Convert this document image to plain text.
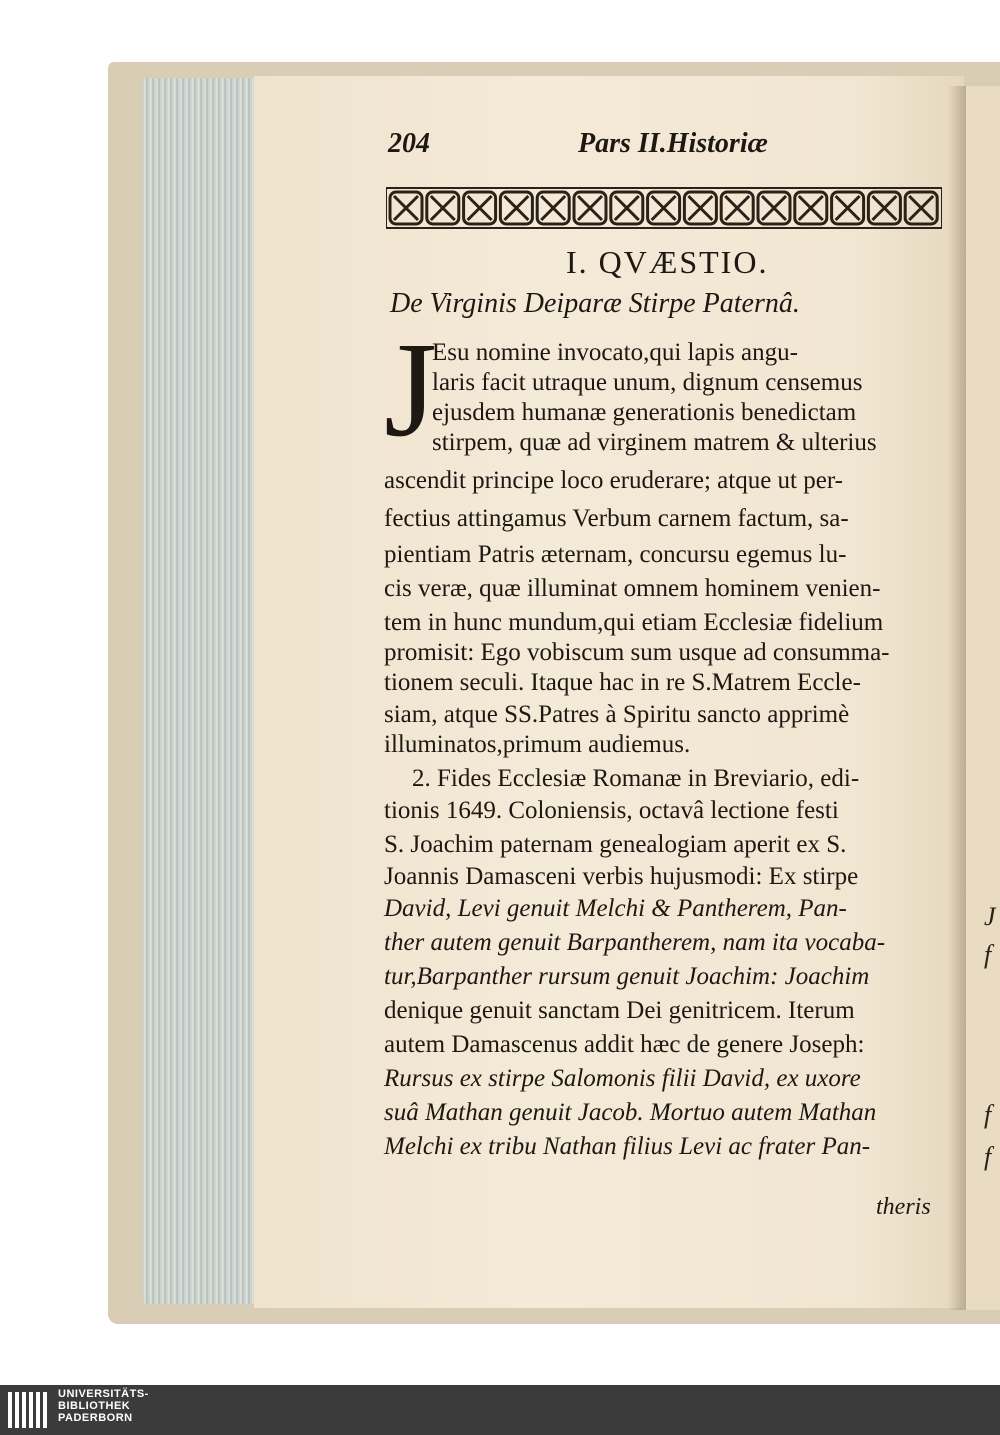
204	Pars II.Historiæ
I. QVÆSTIO.
De Virginis Deiparæ Stirpe Paternâ.
J
Esu nomine invocato,qui lapis angu-
laris facit utraque unum, dignum censemus
ejusdem humanæ generationis benedictam
stirpem, quæ ad virginem matrem & ulterius
ascendit principe loco eruderare; atque ut per-
fectius attingamus Verbum carnem factum, sa-
pientiam Patris æternam, concursu egemus lu-
cis veræ, quæ illuminat omnem hominem venien-
tem in hunc mundum,qui etiam Ecclesiæ fidelium
promisit: Ego vobiscum sum usque ad consumma-
tionem seculi. Itaque hac in re S.Matrem Eccle-
siam, atque SS.Patres à Spiritu sancto apprimè
illuminatos,primum audiemus.
2. Fides Ecclesiæ Romanæ in Breviario, edi-
tionis 1649. Coloniensis, octavâ lectione festi
S. Joachim paternam genealogiam aperit ex S.
Joannis Damasceni verbis hujusmodi: Ex stirpe
David, Levi genuit Melchi & Pantherem, Pan-
ther autem genuit Barpantherem, nam ita vocaba-
tur,Barpanther rursum genuit Joachim: Joachim
denique genuit sanctam Dei genitricem. Iterum
autem Damascenus addit hæc de genere Joseph:
Rursus ex stirpe Salomonis filii David, ex uxore
suâ Mathan genuit Jacob. Mortuo autem Mathan
Melchi ex tribu Nathan filius Levi ac frater Pan-
J
f
f
f
UNIVERSITÄTS-
BIBLIOTHEK
PADERBORN
theris
